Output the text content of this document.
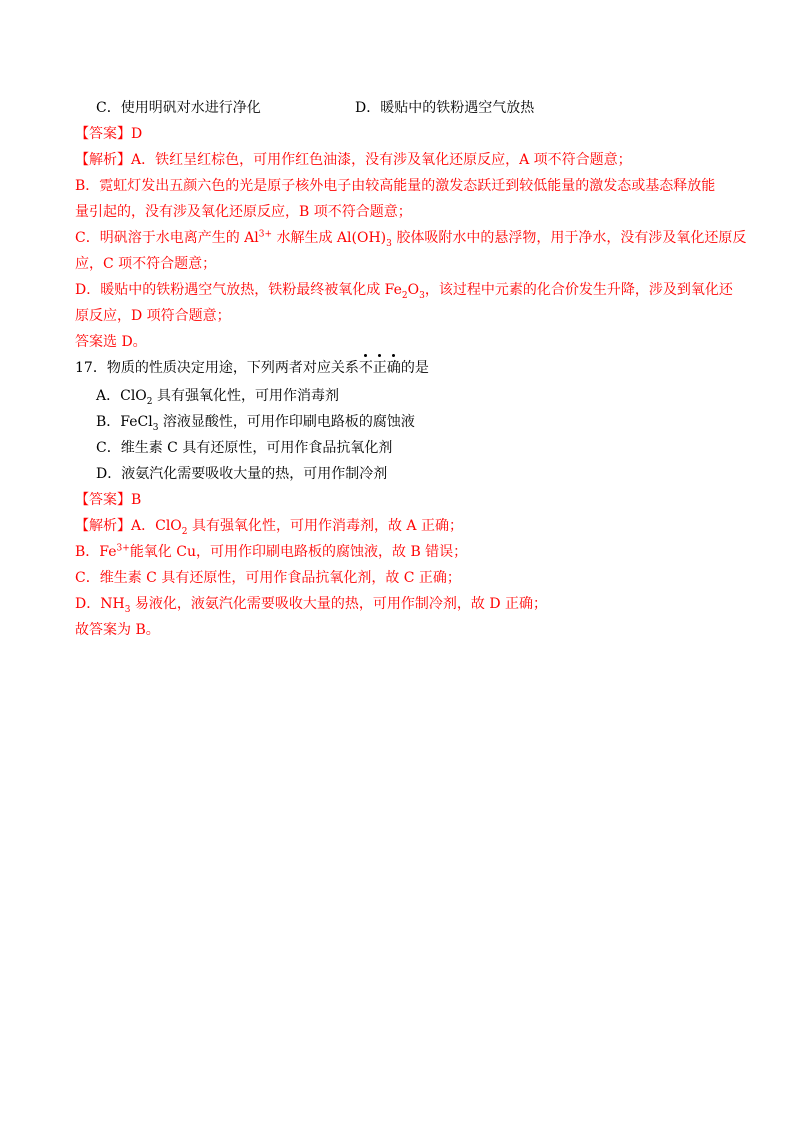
C．使用明矾对水进行净化	D．暖贴中的铁粉遇空气放热
【答案】D
【解析】A．铁红呈红棕色，可用作红色油漆，没有涉及氧化还原反应，A 项不符合题意；
B．霓虹灯发出五颜六色的光是原子核外电子由较高能量的激发态跃迁到较低能量的激发态或基态释放能
量引起的，没有涉及氧化还原反应，B 项不符合题意；
C．明矾溶于水电离产生的 $Al^{3+}$ 水解生成 $Al(OH)_3$ 胶体吸附水中的悬浮物，用于净水，没有涉及氧化还原反
应，C 项不符合题意；
D．暖贴中的铁粉遇空气放热，铁粉最终被氧化成 $Fe_2O_3$，该过程中元素的化合价发生升降，涉及到氧化还
原反应，D 项符合题意；
答案选 D。
17．物质的性质决定用途，下列两者对应关系不正确的是
A．ClO$_2$ 具有强氧化性，可用作消毒剂
B．FeCl$_3$ 溶液显酸性，可用作印刷电路板的腐蚀液
C．维生素 C 具有还原性，可用作食品抗氧化剂
D．液氨汽化需要吸收大量的热，可用作制冷剂
【答案】B
【解析】A．ClO$_2$ 具有强氧化性，可用作消毒剂，故 A 正确；
B．$Fe^{3+}$能氧化 Cu，可用作印刷电路板的腐蚀液，故 B 错误；
C．维生素 C 具有还原性，可用作食品抗氧化剂，故 C 正确；
D．$NH_3$ 易液化，液氨汽化需要吸收大量的热，可用作制冷剂，故 D 正确；
故答案为 B。
